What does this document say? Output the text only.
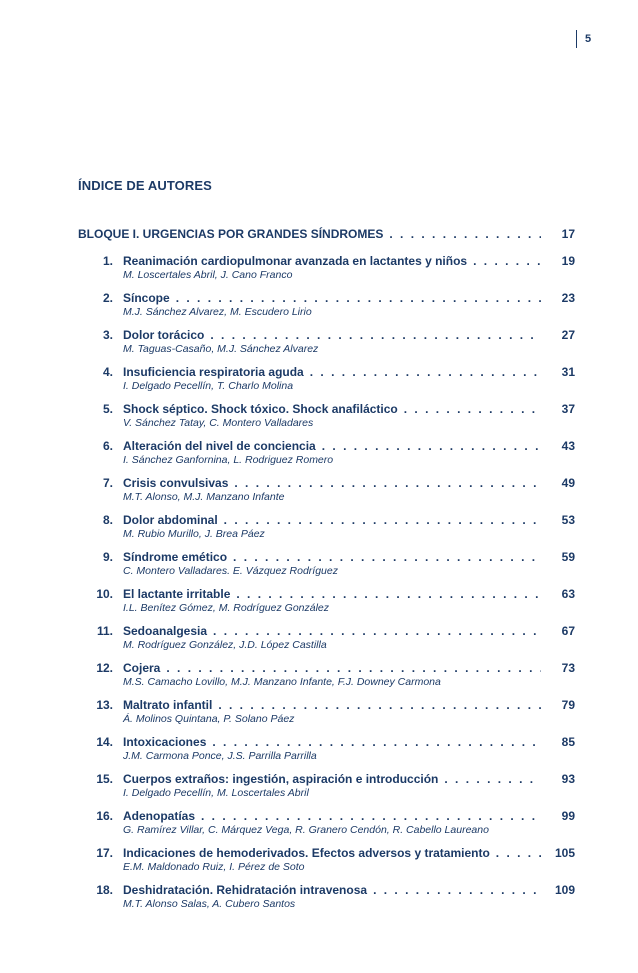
5
ÍNDICE DE AUTORES
BLOQUE I. URGENCIAS POR GRANDES SÍNDROMES . . .	17
1. Reanimación cardiopulmonar avanzada en lactantes y niños . . .	19
M. Loscertales Abril, J. Cano Franco
2. Síncope . . .	23
M.J. Sánchez Alvarez, M. Escudero Lirio
3. Dolor torácico . . .	27
M. Taguas-Casaño, M.J. Sánchez Alvarez
4. Insuficiencia respiratoria aguda . . .	31
I. Delgado Pecellín, T. Charlo Molina
5. Shock séptico. Shock tóxico. Shock anafiláctico . . .	37
V. Sánchez Tatay, C. Montero Valladares
6. Alteración del nivel de conciencia . . .	43
I. Sánchez Ganfornina, L. Rodriguez Romero
7. Crisis convulsivas . . .	49
M.T. Alonso, M.J. Manzano Infante
8. Dolor abdominal . . .	53
M. Rubio Murillo, J. Brea Páez
9. Síndrome emético . . .	59
C. Montero Valladares. E. Vázquez Rodríguez
10. El lactante irritable . . .	63
I.L. Benítez Gómez, M. Rodríguez González
11. Sedoanalgesia . . .	67
M. Rodríguez González, J.D. López Castilla
12. Cojera . . .	73
M.S. Camacho Lovillo, M.J. Manzano Infante, F.J. Downey Carmona
13. Maltrato infantil . . .	79
Á. Molinos Quintana, P. Solano Páez
14. Intoxicaciones . . .	85
J.M. Carmona Ponce, J.S. Parrilla Parrilla
15. Cuerpos extraños: ingestión, aspiración e introducción . . .	93
I. Delgado Pecellín, M. Loscertales Abril
16. Adenopatías . . .	99
G. Ramírez Villar, C. Márquez Vega, R. Granero Cendón, R. Cabello Laureano
17. Indicaciones de hemoderivados. Efectos adversos y tratamiento . . .	105
E.M. Maldonado Ruiz, I. Pérez de Soto
18. Deshidratación. Rehidratación intravenosa . . .	109
M.T. Alonso Salas, A. Cubero Santos
